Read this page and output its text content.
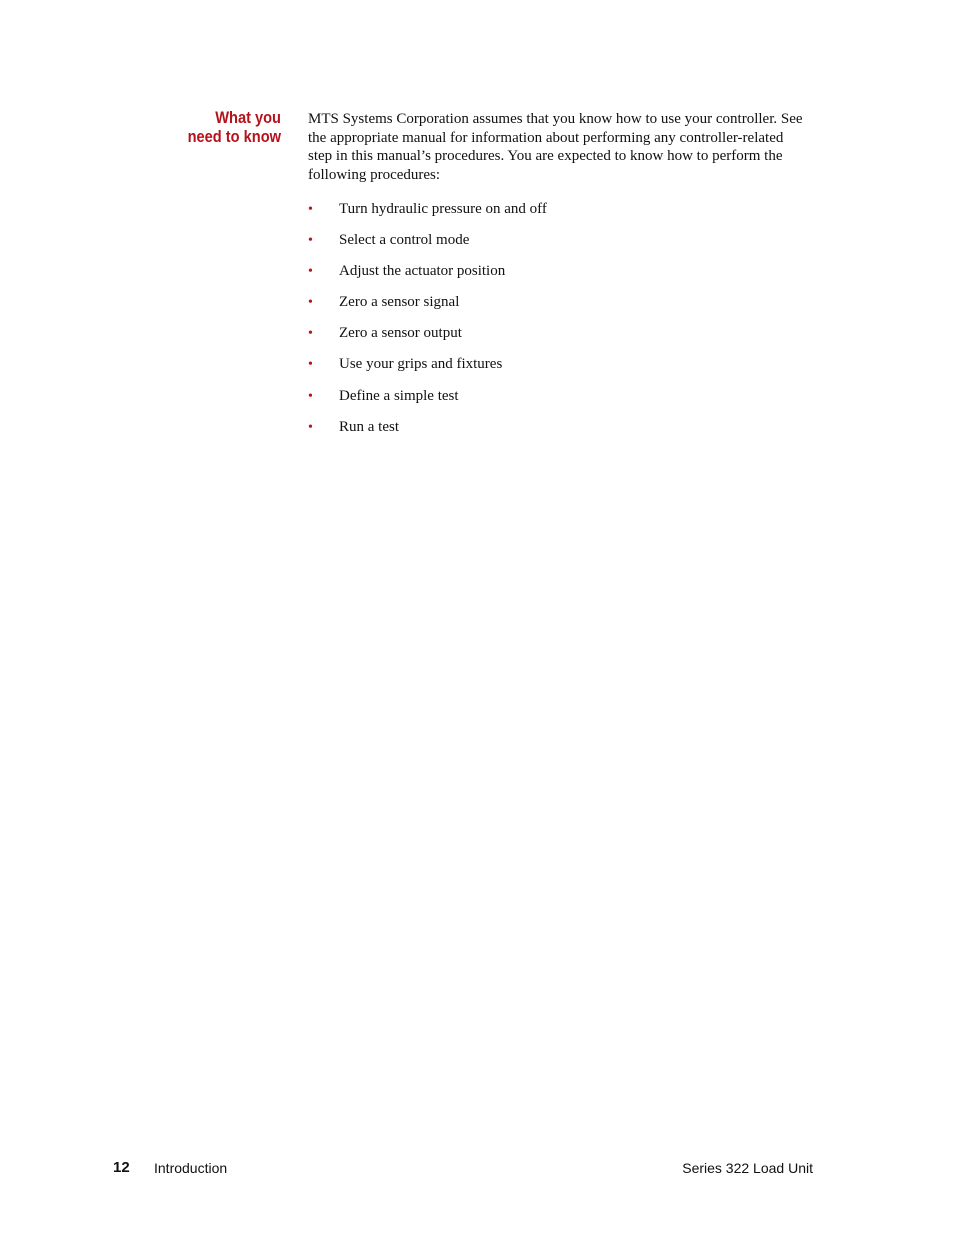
What you
need to know

MTS Systems Corporation assumes that you know how to use your controller. See the appropriate manual for information about performing any controller-related step in this manual’s procedures. You are expected to know how to perform the following procedures:

• Turn hydraulic pressure on and off
• Select a control mode
• Adjust the actuator position
• Zero a sensor signal
• Zero a sensor output
• Use your grips and fixtures
• Define a simple test
• Run a test
12 Introduction	Series 322 Load Unit
